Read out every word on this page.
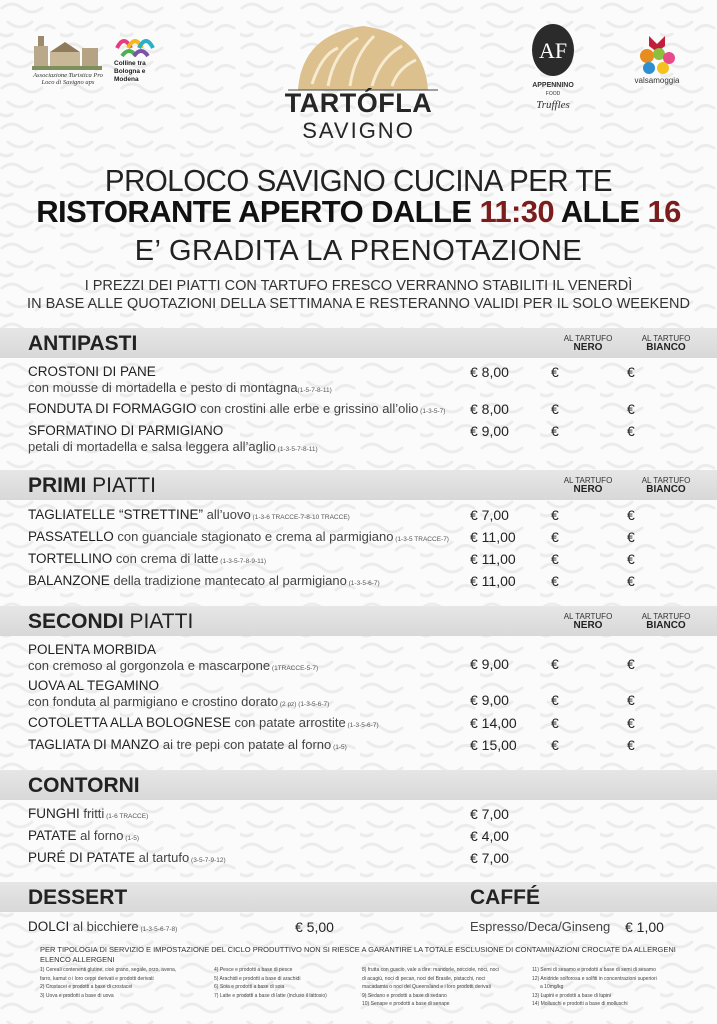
Associazione Turistica Pro Loco di Savigno aps
Colline tra
Bologna e
Modena
TARTÓFLA
SAVIGNO
AF
APPENNINO
FOOD
Truffles
valsamoggia
PROLOCO SAVIGNO CUCINA PER TE
RISTORANTE APERTO DALLE 11:30 ALLE 16
E’ GRADITA LA PRENOTAZIONE
I PREZZI DEI PIATTI CON TARTUFO FRESCO VERRANNO STABILITI IL VENERDÌ
IN BASE ALLE QUOTAZIONI DELLA SETTIMANA E RESTERANNO VALIDI PER IL SOLO WEEKEND
ANTIPASTI	AL TARTUFO
NERO
AL TARTUFO
BIANCO
CROSTONI DI PANE
con mousse di mortadella e pesto di montagna(1-5-7-8-11)
€ 8,00	€	€
FONDUTA DI FORMAGGIO con crostini alle erbe e grissino all’olio (1-3-5-7)	€ 8,00	€	€
SFORMATINO DI PARMIGIANO
petali di mortadella e salsa leggera all’aglio (1-3-5-7-8-11)
€ 9,00	€	€
PRIMI PIATTI	AL TARTUFO
NERO
AL TARTUFO
BIANCO
TAGLIATELLE “STRETTINE” all’uovo (1-3-6 TRACCE-7-8-10 TRACCE)	€ 7,00	€	€
PASSATELLO con guanciale stagionato e crema al parmigiano (1-3-5 TRACCE-7)	€ 11,00	€	€
TORTELLINO con crema di latte (1-3-5-7-8-9-11)	€ 11,00	€	€
BALANZONE della tradizione mantecato al parmigiano (1-3-5-6-7)	€ 11,00	€	€
SECONDI PIATTI	AL TARTUFO
NERO
AL TARTUFO
BIANCO
POLENTA MORBIDA
con cremoso al gorgonzola e mascarpone (1TRACCE-5-7)	€ 9,00	€	€
UOVA AL TEGAMINO
con fonduta al parmigiano e crostino dorato (2 pz) (1-3-5-6-7)	€ 9,00	€	€
COTOLETTA ALLA BOLOGNESE con patate arrostite (1-3-5-6-7)	€ 14,00 €	€
TAGLIATA DI MANZO ai tre pepi con patate al forno (1-5)	€ 15,00 €	€
CONTORNI
FUNGHI fritti (1-6 TRACCE)	€ 7,00
PATATE al forno (1-5)	€ 4,00
PURÉ DI PATATE al tartufo (3-5-7-9-12)	€ 7,00
DESSERT	CAFFÉ
DOLCI al bicchiere (1-3-5-6-7-8)	€ 5,00	Espresso/Deca/Ginseng € 1,00
PER TIPOLOGIA DI SERVIZIO E IMPOSTAZIONE DEL CICLO PRODUTTIVO NON SI RIESCE A GARANTIRE LA TOTALE ESCLUSIONE DI CONTAMINAZIONI CROCIATE DA ALLERGENI
ELENCO ALLERGENI
1) Cereali contenenti glutine, cioè grano, segale, orzo, avena,
farro, kamut o i loro ceppi derivati e prodotti derivati
2) Crostacei e prodotti a base di crostacei
3) Uova e prodotti a base di uova
4) Pesce e prodotti a base di pesce
5) Arachidi e prodotti a base di arachidi
6) Soia e prodotti a base di soia
7) Latte e prodotti a base di latte (incluso il lattosio)
8) frutta con guscio, vale a dire: mandorle, nocciole, noci, noci
di acagiù, noci di pecan, noci del Brasile, pistacchi, noci
macadamia o noci del Queensland e i loro prodotti derivati
9) Sedano e prodotti a base di sedano
10) Senape e prodotti a base di senape
11) Semi di sesamo e prodotti a base di semi di sesamo
12) Anidride solforosa e solfiti in concentrazioni superiori
a 10mg/kg
13) Lupini e prodotti a base di lupini
14) Molluschi e prodotti a base di molluschi
